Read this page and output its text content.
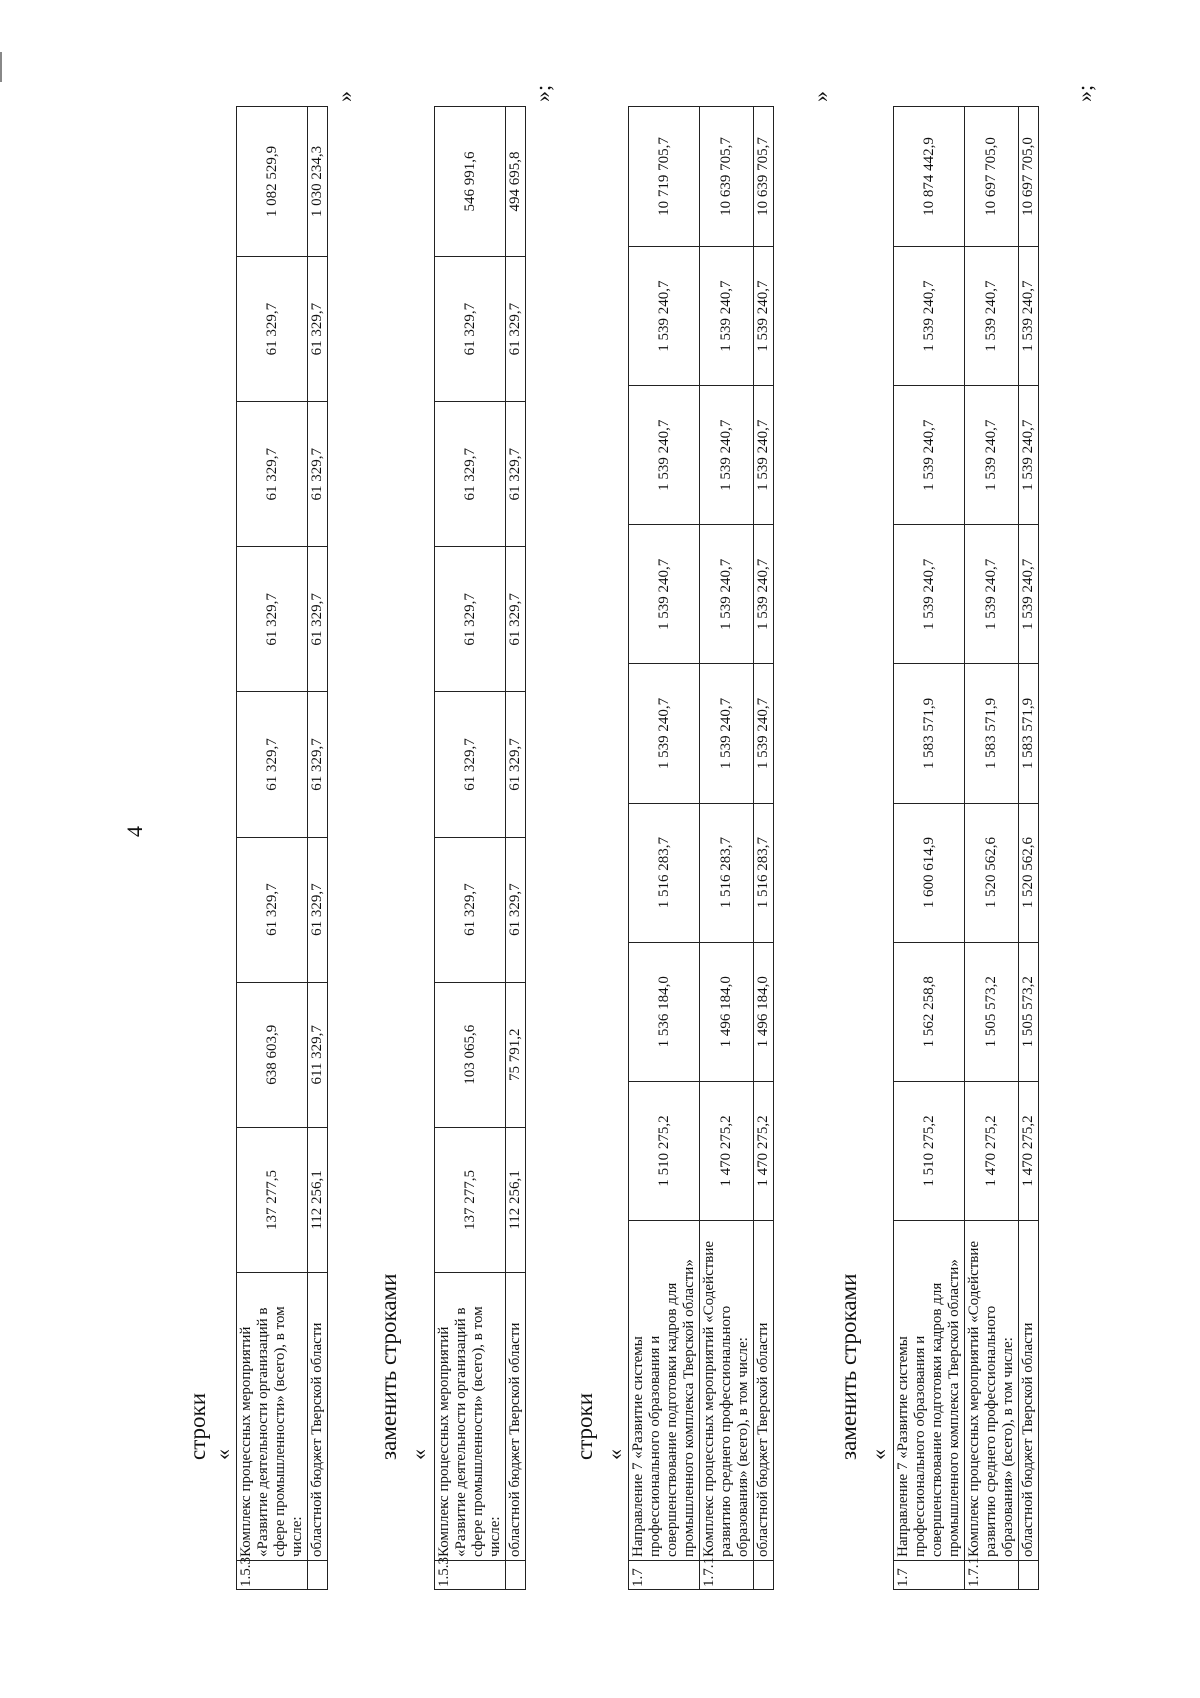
4
строки «
1.5.3	Комплекс процессных мероприятий «Развитие деятельности организаций в сфере промышленности» (всего), в том числе:	137 277,5	638 603,9	61 329,7	61 329,7	61 329,7	61 329,7	61 329,7	1 082 529,9
	областной бюджет Тверской области	112 256,1	611 329,7	61 329,7	61 329,7	61 329,7	61 329,7	61 329,7	1 030 234,3
»
заменить строками «
1.5.3	Комплекс процессных мероприятий «Развитие деятельности организаций в сфере промышленности» (всего), в том числе:	137 277,5	103 065,6	61 329,7	61 329,7	61 329,7	61 329,7	61 329,7	546 991,6
	областной бюджет Тверской области	112 256,1	75 791,2	61 329,7	61 329,7	61 329,7	61 329,7	61 329,7	494 695,8
»;
строки «
1.7	Направление 7 «Развитие системы профессионального образования и совершенствование подготовки кадров для промышленного комплекса Тверской области»	1 510 275,2	1 536 184,0	1 516 283,7	1 539 240,7	1 539 240,7	1 539 240,7	1 539 240,7	10 719 705,7
1.7.1	Комплекс процессных мероприятий «Содействие развитию среднего профессионального образования» (всего), в том числе:	1 470 275,2	1 496 184,0	1 516 283,7	1 539 240,7	1 539 240,7	1 539 240,7	1 539 240,7	10 639 705,7
	областной бюджет Тверской области	1 470 275,2	1 496 184,0	1 516 283,7	1 539 240,7	1 539 240,7	1 539 240,7	1 539 240,7	10 639 705,7
»
заменить строками «
1.7	Направление 7 «Развитие системы профессионального образования и совершенствование подготовки кадров для промышленного комплекса Тверской области»	1 510 275,2	1 562 258,8	1 600 614,9	1 583 571,9	1 539 240,7	1 539 240,7	1 539 240,7	10 874 442,9
1.7.1	Комплекс процессных мероприятий «Содействие развитию среднего профессионального образования» (всего), в том числе:	1 470 275,2	1 505 573,2	1 520 562,6	1 583 571,9	1 539 240,7	1 539 240,7	1 539 240,7	10 697 705,0
	областной бюджет Тверской области	1 470 275,2	1 505 573,2	1 520 562,6	1 583 571,9	1 539 240,7	1 539 240,7	1 539 240,7	10 697 705,0
»;
